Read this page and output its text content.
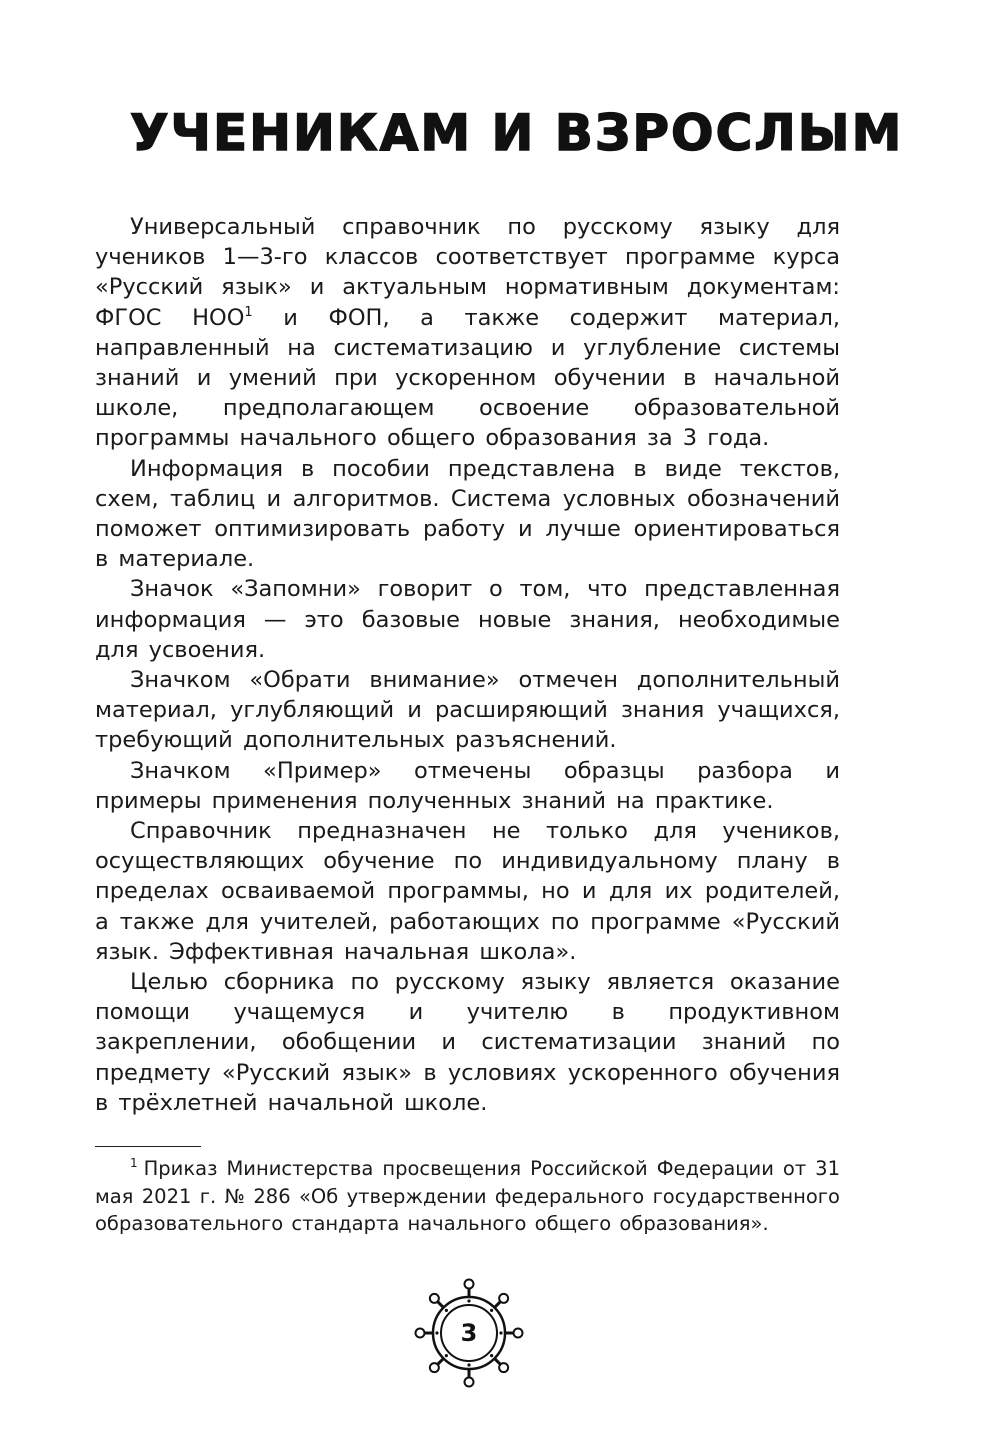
УЧЕНИКАМ И ВЗРОСЛЫМ

Универсальный справочник по русскому языку для учеников 1—3-го классов соответствует программе курса «Русский язык» и актуальным нормативным документам: ФГОС НОО$^1$ и ФОП, а также содержит материал, направленный на систематизацию и углубление системы знаний и умений при ускоренном обучении в начальной школе, предполагающем освоение образовательной программы начального общего образования за 3 года.

Информация в пособии представлена в виде текстов, схем, таблиц и алгоритмов. Система условных обозначений поможет оптимизировать работу и лучше ориентироваться в материале.

Значок «Запомни» говорит о том, что представленная информация — это базовые новые знания, необходимые для усвоения.

Значком «Обрати внимание» отмечен дополнительный материал, углубляющий и расширяющий знания учащихся, требующий дополнительных разъяснений.

Значком «Пример» отмечены образцы разбора и примеры применения полученных знаний на практике.

Справочник предназначен не только для учеников, осуществляющих обучение по индивидуальному плану в пределах осваиваемой программы, но и для их родителей, а также для учителей, работающих по программе «Русский язык. Эффективная начальная школа».

Целью сборника по русскому языку является оказание помощи учащемуся и учителю в продуктивном закреплении, обобщении и систематизации знаний по предмету «Русский язык» в условиях ускоренного обучения в трёхлетней начальной школе.

$^1$ Приказ Министерства просвещения Российской Федерации от 31 мая 2021 г. № 286 «Об утверждении федерального государственного образовательного стандарта начального общего образования».

3
